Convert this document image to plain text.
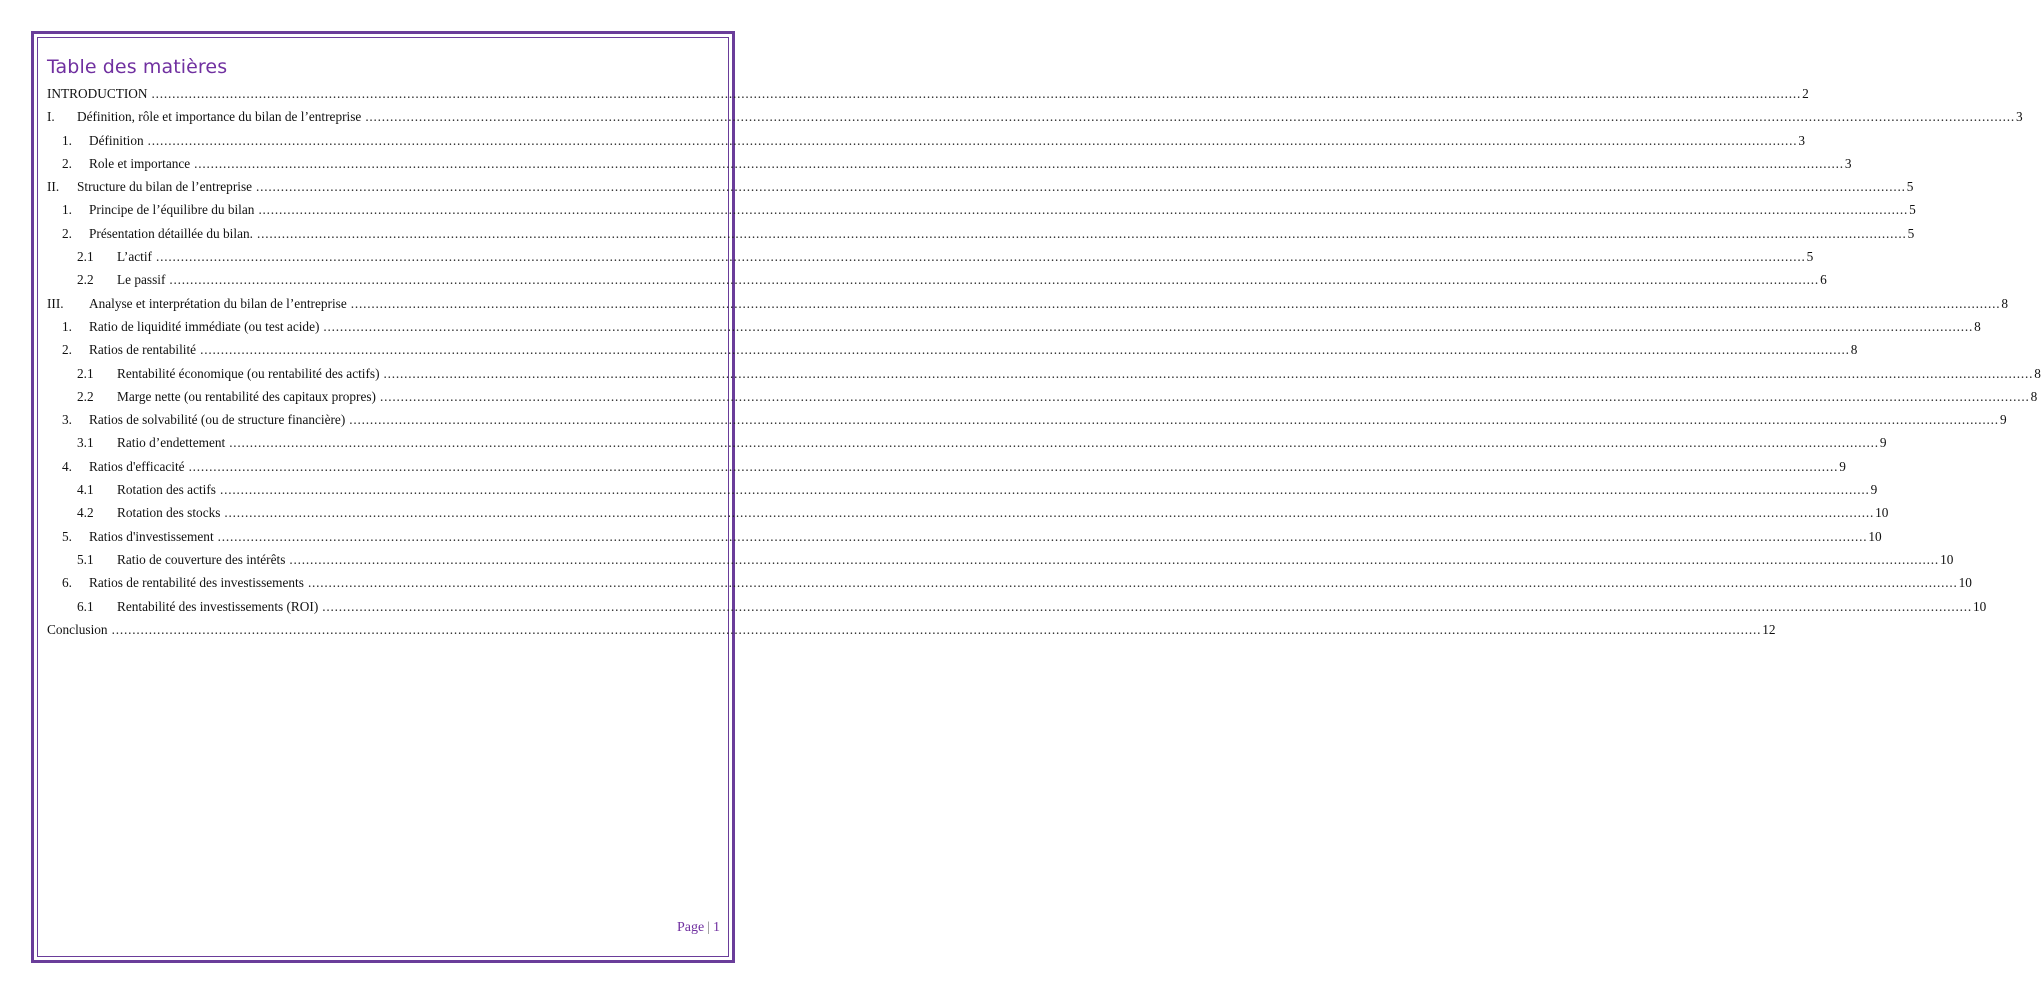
Table des matières
INTRODUCTION ................................................................................................................................................................................................................................................................................................................................................................................................................ 2
I.	Définition, rôle et importance du bilan de l’entreprise ................................................................................................................................................................................................................................................................................................................................................................................................................ 3
1.	Définition ................................................................................................................................................................................................................................................................................................................................................................................................................ 3
2.	Role et importance ................................................................................................................................................................................................................................................................................................................................................................................................................ 3
II.	Structure du bilan de l’entreprise ................................................................................................................................................................................................................................................................................................................................................................................................................ 5
1.	Principe de l’équilibre du bilan ................................................................................................................................................................................................................................................................................................................................................................................................................ 5
2.	Présentation détaillée du bilan. ................................................................................................................................................................................................................................................................................................................................................................................................................ 5
2.1	L’actif ................................................................................................................................................................................................................................................................................................................................................................................................................ 5
2.2	Le passif ................................................................................................................................................................................................................................................................................................................................................................................................................ 6
III.	Analyse et interprétation du bilan de l’entreprise ................................................................................................................................................................................................................................................................................................................................................................................................................ 8
1.	Ratio de liquidité immédiate (ou test acide) ................................................................................................................................................................................................................................................................................................................................................................................................................ 8
2.	Ratios de rentabilité ................................................................................................................................................................................................................................................................................................................................................................................................................ 8
2.1	Rentabilité économique (ou rentabilité des actifs) ................................................................................................................................................................................................................................................................................................................................................................................................................ 8
2.2	Marge nette (ou rentabilité des capitaux propres) ................................................................................................................................................................................................................................................................................................................................................................................................................ 8
3.	Ratios de solvabilité (ou de structure financière) ................................................................................................................................................................................................................................................................................................................................................................................................................ 9
3.1	Ratio d’endettement ................................................................................................................................................................................................................................................................................................................................................................................................................ 9
4.	Ratios d'efficacité ................................................................................................................................................................................................................................................................................................................................................................................................................ 9
4.1	Rotation des actifs ................................................................................................................................................................................................................................................................................................................................................................................................................ 9
4.2	Rotation des stocks ................................................................................................................................................................................................................................................................................................................................................................................................................ 10
5.	Ratios d'investissement ................................................................................................................................................................................................................................................................................................................................................................................................................ 10
5.1	Ratio de couverture des intérêts ................................................................................................................................................................................................................................................................................................................................................................................................................ 10
6.	Ratios de rentabilité des investissements ................................................................................................................................................................................................................................................................................................................................................................................................................ 10
6.1	Rentabilité des investissements (ROI) ................................................................................................................................................................................................................................................................................................................................................................................................................ 10
Conclusion ................................................................................................................................................................................................................................................................................................................................................................................................................ 12
Page | 1
